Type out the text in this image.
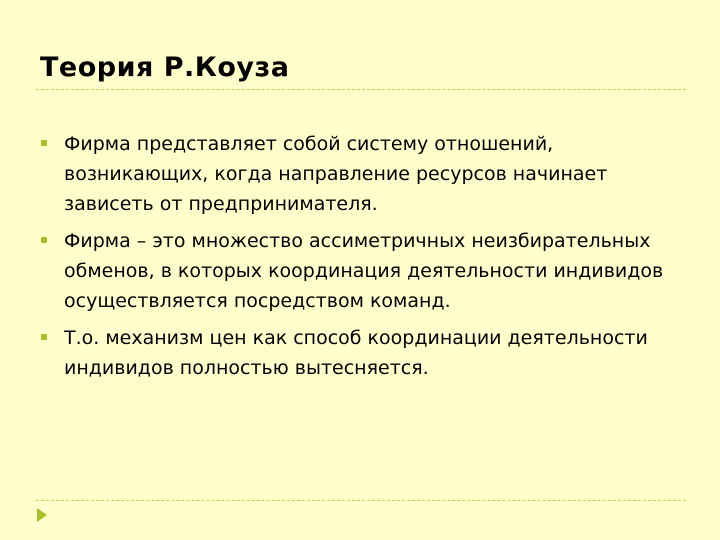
Теория Р.Коуза
Фирма представляет собой систему отношений, возникающих, когда направление ресурсов начинает зависеть от предпринимателя.
Фирма – это множество ассиметричных неизбирательных обменов, в которых координация деятельности индивидов осуществляется посредством команд.
Т.о. механизм цен как способ координации деятельности индивидов полностью вытесняется.
